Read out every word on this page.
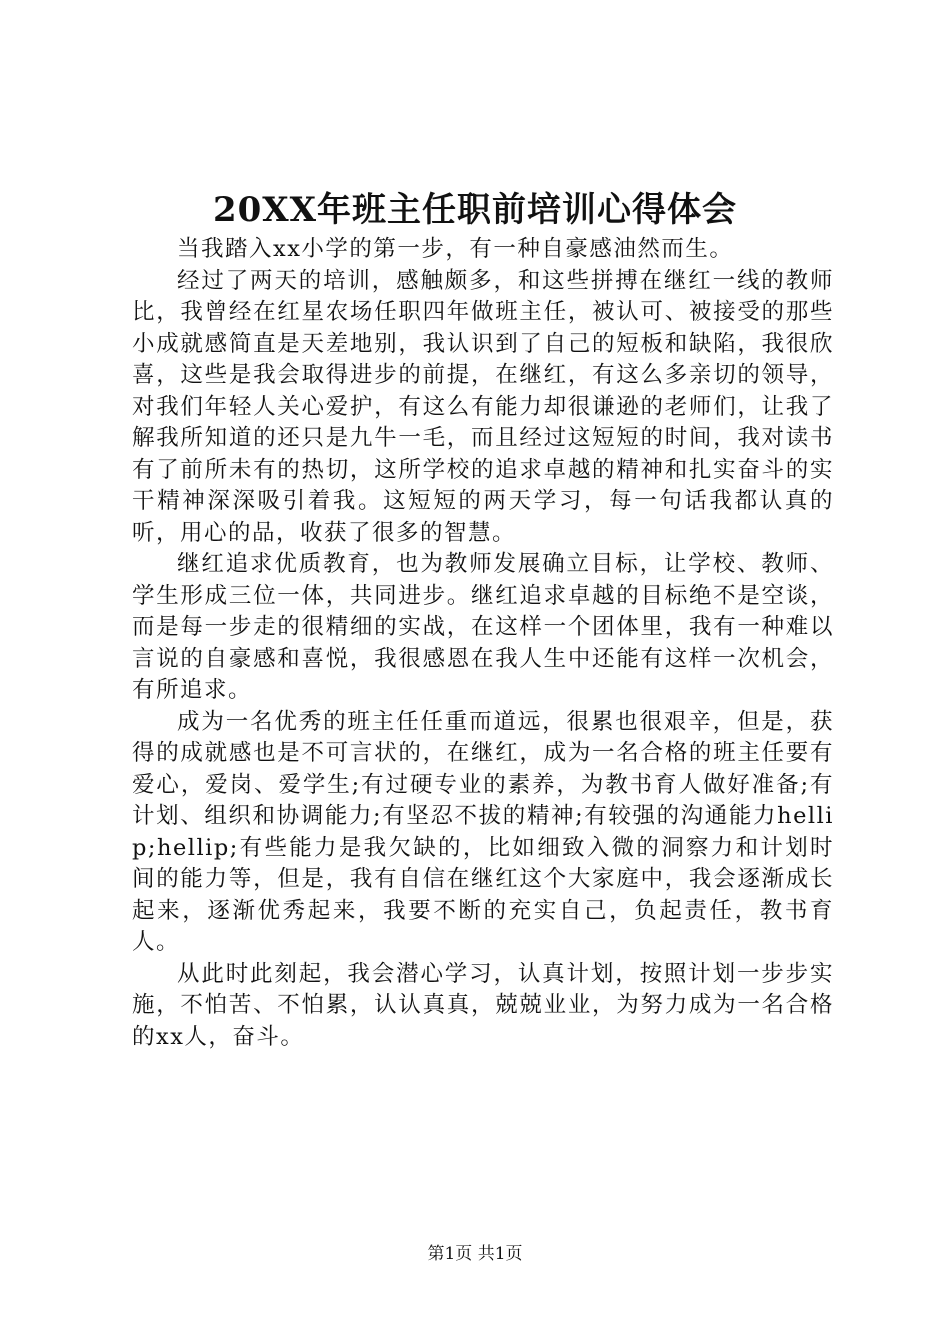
20XX年班主任职前培训心得体会

当我踏入xx小学的第一步，有一种自豪感油然而生。

经过了两天的培训，感触颇多，和这些拼搏在继红一线的教师比，我曾经在红星农场任职四年做班主任，被认可、被接受的那些小成就感简直是天差地别，我认识到了自己的短板和缺陷，我很欣喜，这些是我会取得进步的前提，在继红，有这么多亲切的领导，对我们年轻人关心爱护，有这么有能力却很谦逊的老师们，让我了解我所知道的还只是九牛一毛，而且经过这短短的时间，我对读书有了前所未有的热切，这所学校的追求卓越的精神和扎实奋斗的实干精神深深吸引着我。这短短的两天学习，每一句话我都认真的听，用心的品，收获了很多的智慧。

继红追求优质教育，也为教师发展确立目标，让学校、教师、学生形成三位一体，共同进步。继红追求卓越的目标绝不是空谈，而是每一步走的很精细的实战，在这样一个团体里，我有一种难以言说的自豪感和喜悦，我很感恩在我人生中还能有这样一次机会，有所追求。

成为一名优秀的班主任任重而道远，很累也很艰辛，但是，获得的成就感也是不可言状的，在继红，成为一名合格的班主任要有爱心，爱岗、爱学生;有过硬专业的素养，为教书育人做好准备;有计划、组织和协调能力;有坚忍不拔的精神;有较强的沟通能力hellip;hellip;有些能力是我欠缺的，比如细致入微的洞察力和计划时间的能力等，但是，我有自信在继红这个大家庭中，我会逐渐成长起来，逐渐优秀起来，我要不断的充实自己，负起责任，教书育人。

从此时此刻起，我会潜心学习，认真计划，按照计划一步步实施，不怕苦、不怕累，认认真真，兢兢业业，为努力成为一名合格的xx人，奋斗。

第1页 共1页
